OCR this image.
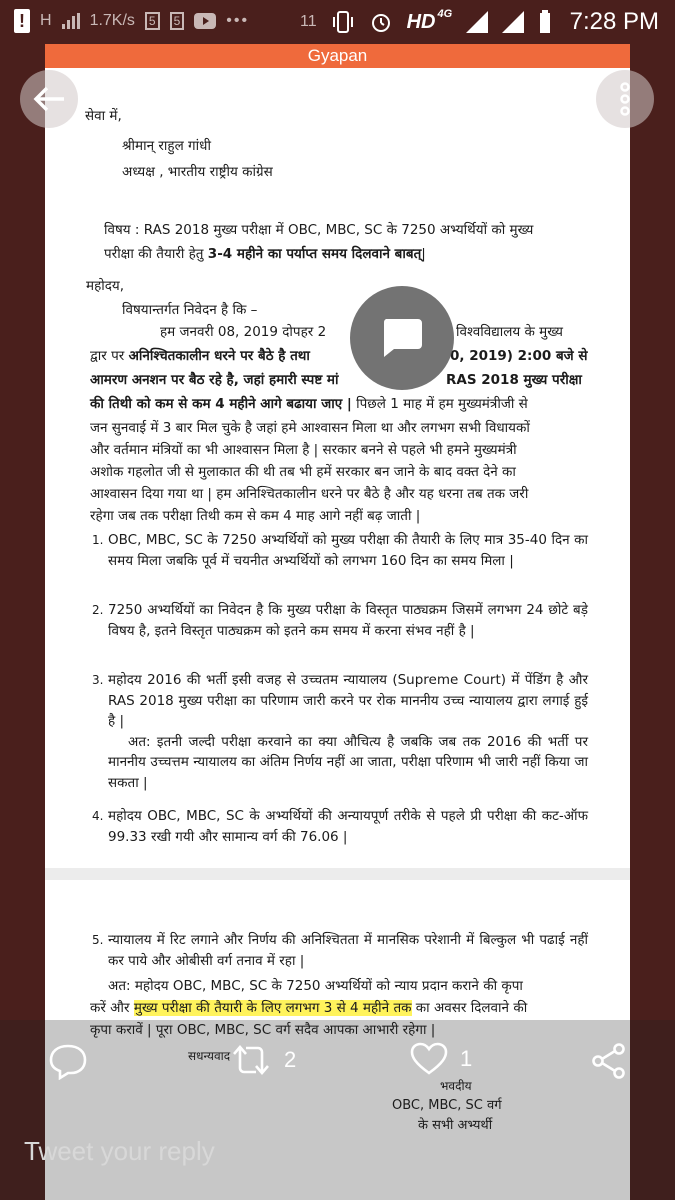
! H 1.7K/s	5	5	•••	11	HD 4G	7:28 PM
Gyapan
सेवा में,
श्रीमान् राहुल गांधी
अध्यक्ष , भारतीय राष्ट्रीय कांग्रेस
विषय : RAS 2018 मुख्य परीक्षा में OBC, MBC, SC के 7250 अभ्यर्थियों को मुख्य
परीक्षा की तैयारी हेतु 3-4 महीने का पर्याप्त समय दिलवाने बाबत्|
महोदय,
विषयान्तर्गत निवेदन है कि –
हम जनवरी 08, 2019 दोपहर 2	विश्वविद्यालय के मुख्य
द्वार पर अनिश्चितकालीन धरने पर बैठे है तथा	0, 2019) 2:00 बजे से
आमरण अनशन पर बैठ रहे है, जहां हमारी स्पष्ट मां	RAS 2018 मुख्य परीक्षा
की तिथी को कम से कम 4 महीने आगे बढाया जाए | पिछले 1 माह में हम मुख्यमंत्रीजी से
जन सुनवाई में 3 बार मिल चुके है जहां हमे आश्वासन मिला था और लगभग सभी विधायकों
और वर्तमान मंत्रियों का भी आश्वासन मिला है | सरकार बनने से पहले भी हमने मुख्यमंत्री
अशोक गहलोत जी से मुलाकात की थी तब भी हमें सरकार बन जाने के बाद वक्त देने का
आश्वासन दिया गया था | हम अनिश्चितकालीन धरने पर बैठे है और यह धरना तब तक जरी
रहेगा जब तक परीक्षा तिथी कम से कम 4 माह आगे नहीं बढ़ जाती |
1. OBC, MBC, SC के 7250 अभ्यर्थियों को मुख्य परीक्षा की तैयारी के लिए मात्र 35-40 दिन का समय मिला जबकि पूर्व में चयनीत अभ्यर्थियों को लगभग 160 दिन का समय मिला |
2. 7250 अभ्यर्थियों का निवेदन है कि मुख्य परीक्षा के विस्तृत पाठ्यक्रम जिसमें लगभग 24 छोटे बड़े विषय है, इतने विस्तृत पाठ्यक्रम को इतने कम समय में करना संभव नहीं है |
3. महोदय 2016 की भर्ती इसी वजह से उच्चतम न्यायालय (Supreme Court) में पेंडिंग है और RAS 2018 मुख्य परीक्षा का परिणाम जारी करने पर रोक माननीय उच्च न्यायालय द्वारा लगाई हुई है |
अत: इतनी जल्दी परीक्षा करवाने का क्या औचित्य है जबकि जब तक 2016 की भर्ती पर माननीय उच्चत्तम न्यायालय का अंतिम निर्णय नहीं आ जाता, परीक्षा परिणाम भी जारी नहीं किया जा सकता |
4. महोदय OBC, MBC, SC के अभ्यर्थियों की अन्यायपूर्ण तरीके से पहले प्री परीक्षा की कट-ऑफ 99.33 रखी गयी और सामान्य वर्ग की 76.06 |
5. न्यायालय में रिट लगाने और निर्णय की अनिश्चितता में मानसिक परेशानी में बिल्कुल भी पढाई नहीं कर पाये और ओबीसी वर्ग तनाव में रहा |
अत: महोदय OBC, MBC, SC के 7250 अभ्यर्थियों को न्याय प्रदान कराने की कृपा
करें और मुख्य परीक्षा की तैयारी के लिए लगभग 3 से 4 महीने तक का अवसर दिलवाने की
कृपा करावें | पूरा OBC, MBC, SC वर्ग सदैव आपका आभारी रहेगा |
सधन्यवाद
भवदीय
OBC, MBC, SC वर्ग
के सभी अभ्यर्थी
2	1
Tweet your reply
